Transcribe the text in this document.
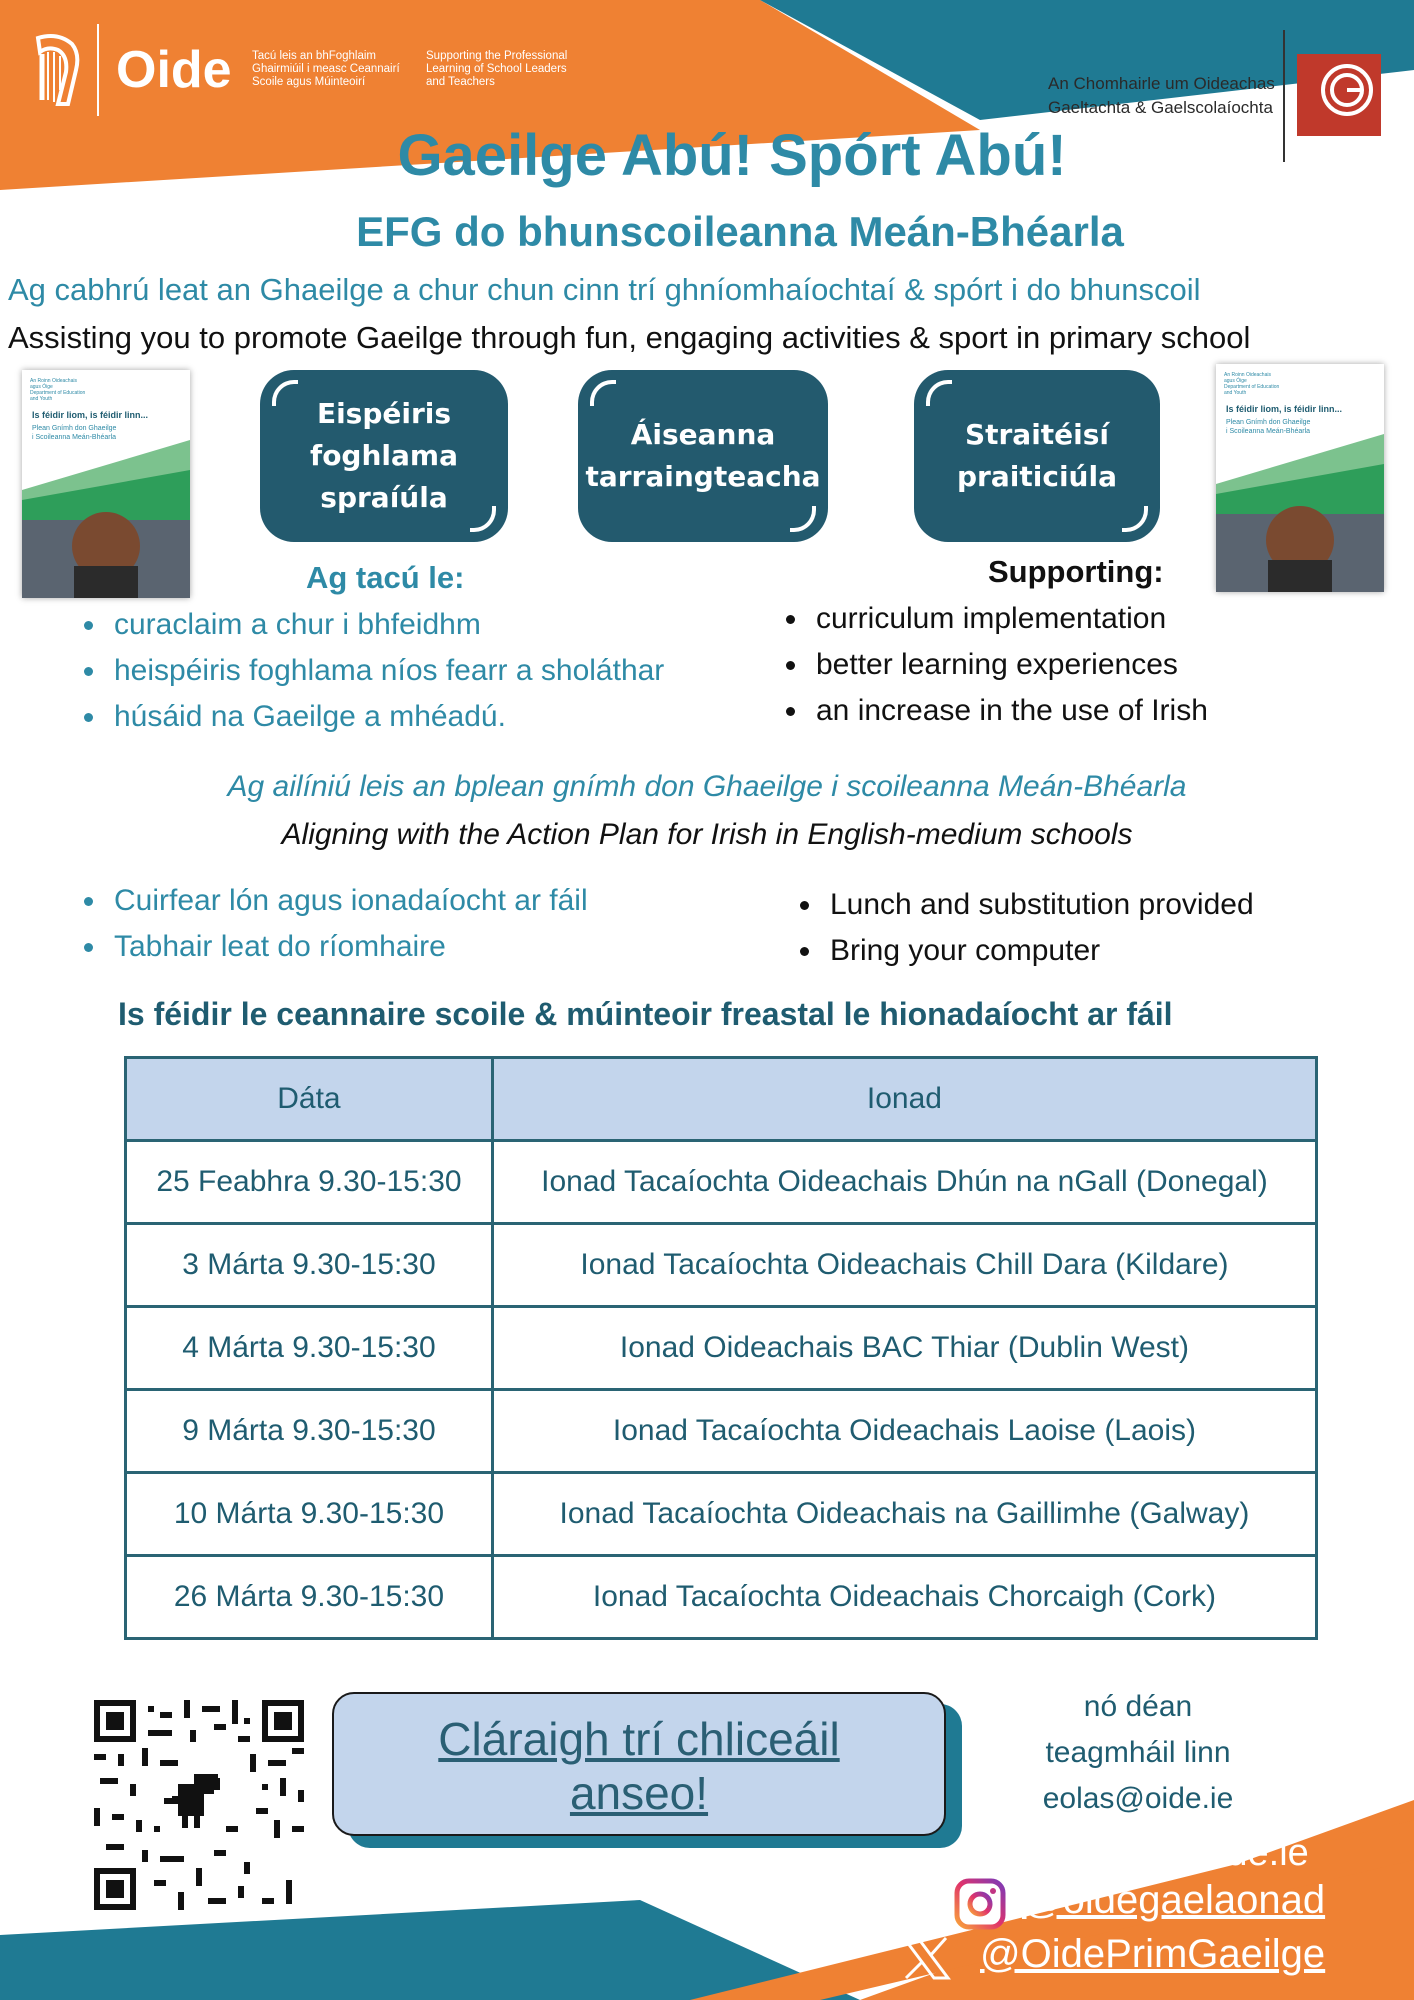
Oide Tacú leis an bhFoghlaim
Ghairmiúil i measc Ceannairí
Scoile agus Múinteoirí
Supporting the Professional
Learning of School Leaders
and Teachers	An Chomhairle um Oideachas
Gaeltachta & Gaelscolaíochta
Gaeilge Abú! Spórt Abú!
EFG do bhunscoileanna Meán-Bhéarla
Ag cabhrú leat an Ghaeilge a chur chun cinn trí ghníomhaíochtaí & spórt i do bhunscoil
Assisting you to promote Gaeilge through fun, engaging activities & sport in primary school
An Roinn Oideachais
agus Óige
Department of Education
and Youth
Is féidir liom, is féidir linn...
Plean Gnímh don Ghaeilge
i Scoileanna Meán-Bhéarla
An Roinn Oideachais
agus Óige
Department of Education
and Youth
Is féidir liom, is féidir linn...
Plean Gnímh don Ghaeilge
i Scoileanna Meán-Bhéarla
Eispéiris
foghlama
spraíúla
Áiseanna
tarraingteacha
Straitéisí
praiticiúla
Ag tacú le:
• curaclaim a chur i bhfeidhm
• heispéiris foghlama níos fearr a sholáthar
• húsáid na Gaeilge a mhéadú.
Supporting:
• curriculum implementation
• better learning experiences
• an increase in the use of Irish
Ag ailíniú leis an bplean gnímh don Ghaeilge i scoileanna Meán-Bhéarla
Aligning with the Action Plan for Irish in English-medium schools
• Cuirfear lón agus ionadaíocht ar fáil
• Tabhair leat do ríomhaire
• Lunch and substitution provided
• Bring your computer
Is féidir le ceannaire scoile & múinteoir freastal le hionadaíocht ar fáil
Dáta	Ionad
25 Feabhra 9.30-15:30	Ionad Tacaíochta Oideachais Dhún na nGall (Donegal)
3 Márta 9.30-15:30	Ionad Tacaíochta Oideachais Chill Dara (Kildare)
4 Márta 9.30-15:30	Ionad Oideachais BAC Thiar (Dublin West)
9 Márta 9.30-15:30	Ionad Tacaíochta Oideachais Laoise (Laois)
10 Márta 9.30-15:30	Ionad Tacaíochta Oideachais na Gaillimhe (Galway)
26 Márta 9.30-15:30	Ionad Tacaíochta Oideachais Chorcaigh (Cork)
Cláraigh trí chliceáil
anseo!
nó déan
teagmháil linn
eolas@oide.ie
www.oide.ie
@oidegaelaonad
@OidePrimGaeilge
